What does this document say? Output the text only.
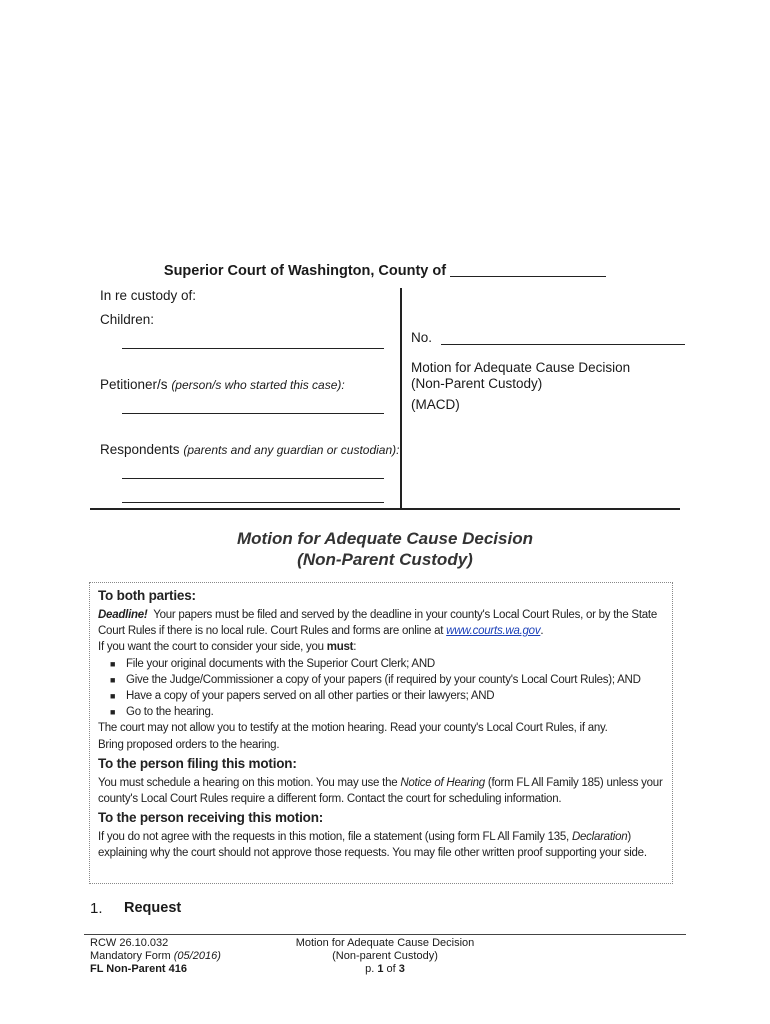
Superior Court of Washington, County of
In re custody of:
Children:
Petitioner/s (person/s who started this case):
Respondents (parents and any guardian or custodian):
No.
Motion for Adequate Cause Decision
(Non-Parent Custody)
(MACD)
Motion for Adequate Cause Decision
(Non-Parent Custody)
To both parties:

Deadline! Your papers must be filed and served by the deadline in your county's Local Court Rules, or by the State Court Rules if there is no local rule. Court Rules and forms are online at www.courts.wa.gov.

If you want the court to consider your side, you must:

■ File your original documents with the Superior Court Clerk; AND
■ Give the Judge/Commissioner a copy of your papers (if required by your county's Local Court Rules); AND
■ Have a copy of your papers served on all other parties or their lawyers; AND
■ Go to the hearing.

The court may not allow you to testify at the motion hearing. Read your county's Local Court Rules, if any.

Bring proposed orders to the hearing.

To the person filing this motion:

You must schedule a hearing on this motion. You may use the Notice of Hearing (form FL All Family 185) unless your county's Local Court Rules require a different form. Contact the court for scheduling information.

To the person receiving this motion:

If you do not agree with the requests in this motion, file a statement (using form FL All Family 135, Declaration) explaining why the court should not approve those requests. You may file other written proof supporting your side.

1. Request
RCW 26.10.032
Mandatory Form (05/2016)
FL Non-Parent 416
Motion for Adequate Cause Decision
(Non-parent Custody)
p. 1 of 3
